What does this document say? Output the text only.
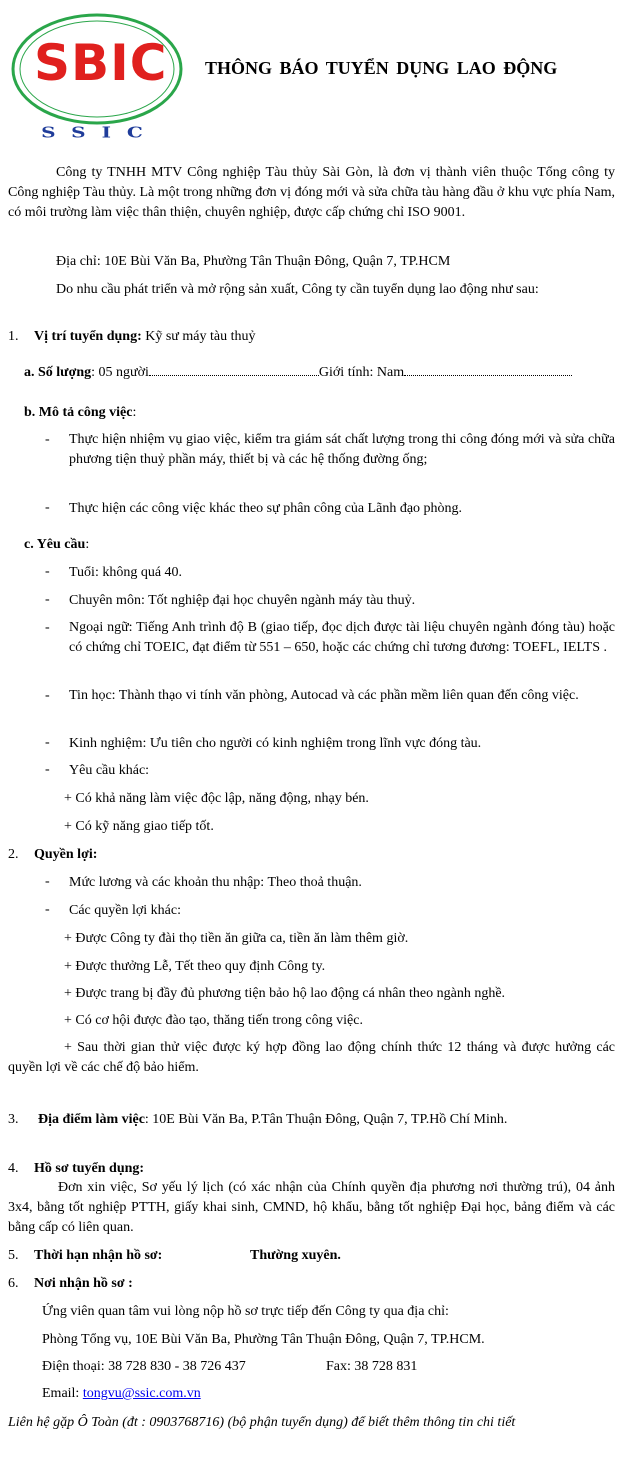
SBIC
SSIC
THÔNG BÁO TUYỂN DỤNG LAO ĐỘNG
Công ty TNHH MTV Công nghiệp Tàu thủy Sài Gòn, là đơn vị thành viên thuộc Tổng công ty Công nghiệp Tàu thủy. Là một trong những đơn vị đóng mới và sửa chữa tàu hàng đầu ở khu vực phía Nam, có môi trường làm việc thân thiện, chuyên nghiệp, được cấp chứng chỉ ISO 9001.
Địa chỉ: 10E Bùi Văn Ba, Phường Tân Thuận Đông, Quận 7, TP.HCM
Do nhu cầu phát triển và mở rộng sản xuất, Công ty cần tuyển dụng lao động như sau:
1. Vị trí tuyển dụng: Kỹ sư máy tàu thuỷ
a. Số lượng: 05 người	Giới tính: Nam
b. Mô tả công việc:
- Thực hiện nhiệm vụ giao việc, kiểm tra giám sát chất lượng trong thi công đóng mới và sửa chữa phương tiện thuỷ phần máy, thiết bị và các hệ thống đường ống;
- Thực hiện các công việc khác theo sự phân công của Lãnh đạo phòng.
c. Yêu cầu:
- Tuổi: không quá 40.
- Chuyên môn: Tốt nghiệp đại học chuyên ngành máy tàu thuỷ.
- Ngoại ngữ: Tiếng Anh trình độ B (giao tiếp, đọc dịch được tài liệu chuyên ngành đóng tàu) hoặc có chứng chỉ TOEIC, đạt điểm từ 551 – 650, hoặc các chứng chỉ tương đương: TOEFL, IELTS .
- Tin học: Thành thạo vi tính văn phòng, Autocad và các phần mềm liên quan đến công việc.
- Kinh nghiệm: Ưu tiên cho người có kinh nghiệm trong lĩnh vực đóng tàu.
- Yêu cầu khác:
+ Có khả năng làm việc độc lập, năng động, nhạy bén.
+ Có kỹ năng giao tiếp tốt.
2. Quyền lợi:
- Mức lương và các khoản thu nhập: Theo thoả thuận.
- Các quyền lợi khác:
+ Được Công ty đài thọ tiền ăn giữa ca, tiền ăn làm thêm giờ.
+ Được thưởng Lễ, Tết theo quy định Công ty.
+ Được trang bị đầy đủ phương tiện bảo hộ lao động cá nhân theo ngành nghề.
+ Có cơ hội được đào tạo, thăng tiến trong công việc.
+ Sau thời gian thử việc được ký hợp đồng lao động chính thức 12 tháng và được hưởng các quyền lợi về các chế độ bảo hiểm.
3. Địa điểm làm việc: 10E Bùi Văn Ba, P.Tân Thuận Đông, Quận 7, TP.Hồ Chí Minh.
4. Hồ sơ tuyển dụng:
Đơn xin việc, Sơ yếu lý lịch (có xác nhận của Chính quyền địa phương nơi thường trú), 04 ảnh 3x4, bằng tốt nghiệp PTTH, giấy khai sinh, CMND, hộ khẩu, bằng tốt nghiệp Đại học, bảng điểm và các bằng cấp có liên quan.
5. Thời hạn nhận hồ sơ:	Thường xuyên.
6. Nơi nhận hồ sơ :
Ứng viên quan tâm vui lòng nộp hồ sơ trực tiếp đến Công ty qua địa chỉ:
Phòng Tổng vụ, 10E Bùi Văn Ba, Phường Tân Thuận Đông, Quận 7, TP.HCM.
Điện thoại: 38 728 830 - 38 726 437	Fax: 38 728 831
Email: tongvu@ssic.com.vn
Liên hệ gặp Ô Toàn (đt : 0903768716) (bộ phận tuyển dụng) để biết thêm thông tin chi tiết
